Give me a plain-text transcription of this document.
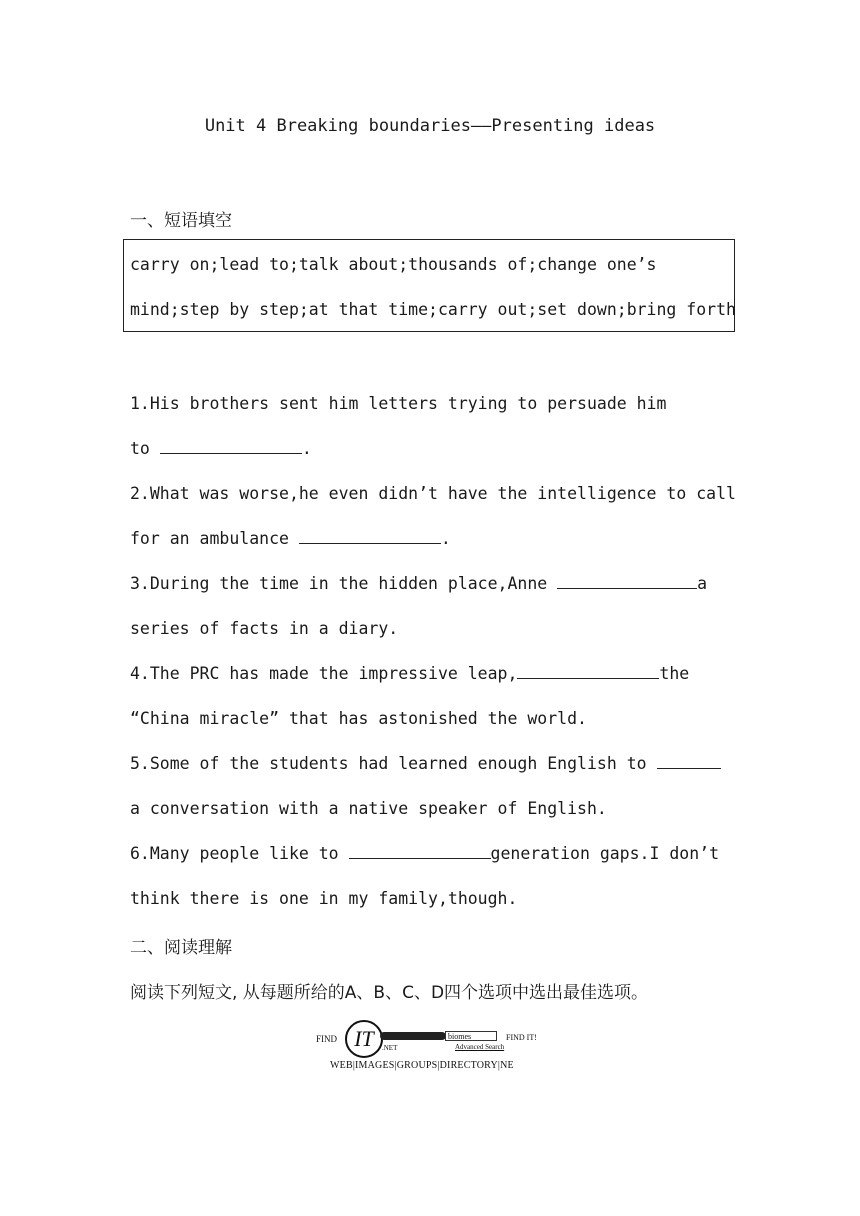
Unit 4 Breaking boundaries——Presenting ideas
一、短语填空
carry on;lead to;talk about;thousands of;change one’s
mind;step by step;at that time;carry out;set down;bring forth
1.His brothers sent him letters trying to persuade him
to	.
2.What was worse,he even didn’t have the intelligence to call
for an ambulance	.
3.During the time in the hidden place,Anne	a
series of facts in a diary.
4.The PRC has made the impressive leap,	the
“China miracle” that has astonished the world.
5.Some of the students had learned enough English to
a conversation with a native speaker of English.
6.Many people like to	generation gaps.I don’t
think there is one in my family,though.
二、阅读理解
阅读下列短文, 从每题所给的A、B、C、D四个选项中选出最佳选项。
FIND IT	.NET
biomes	FIND IT!
Advanced Search
WEB|IMAGES|GROUPS|DIRECTORY|NE
